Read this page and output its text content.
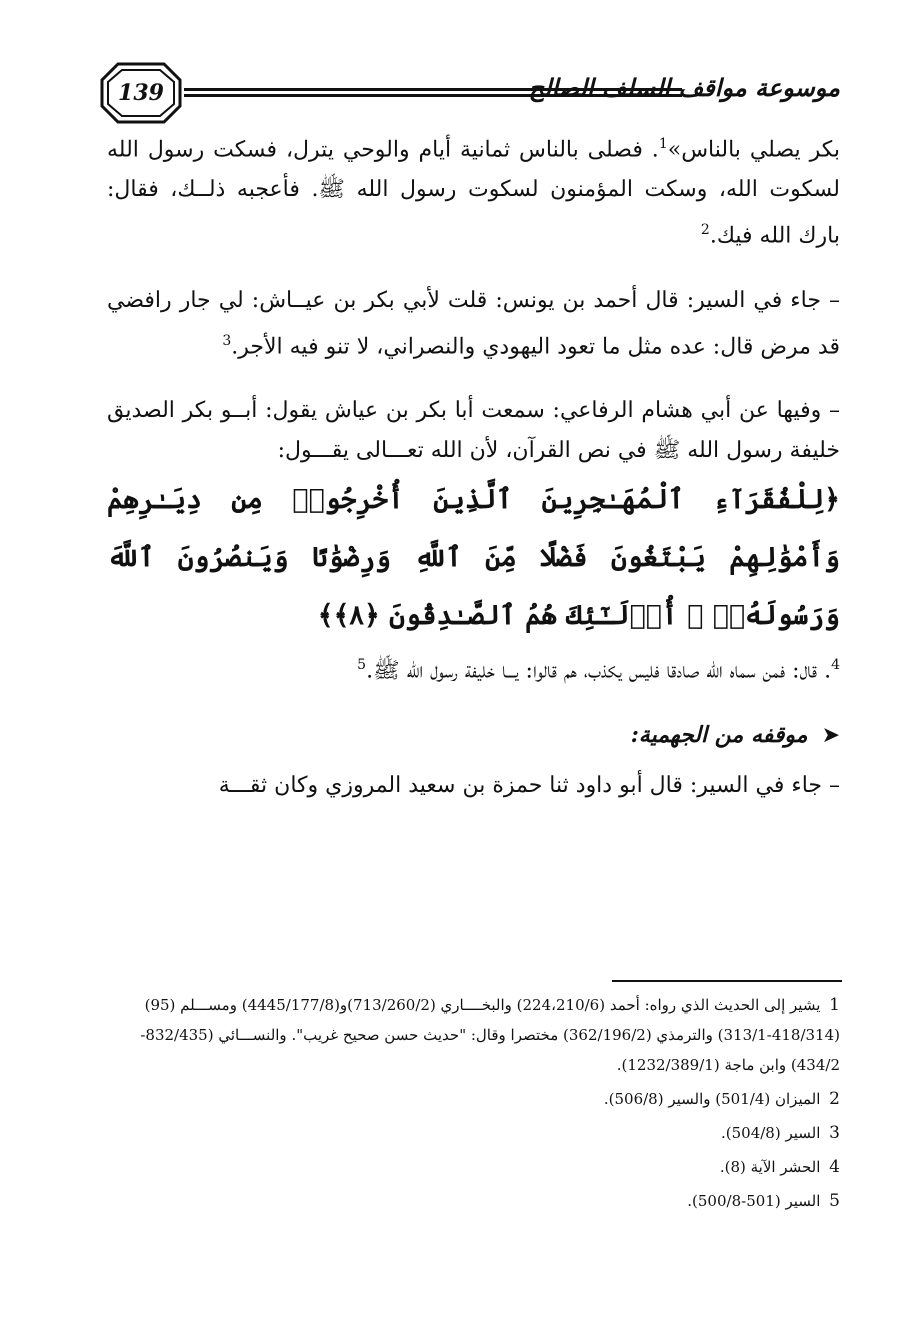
139	موسوعة مواقف السلف الصالح

بكر يصلي بالناس»$^1$. فصلى بالناس ثمانية أيام والوحي يترل، فسكت رسول الله لسكوت الله، وسكت المؤمنون لسكوت رسول الله ﷺ. فأعجبه ذلــك، فقال: بارك الله فيك.$^2$

– جاء في السير: قال أحمد بن يونس: قلت لأبي بكر بن عيــاش: لي جار رافضي قد مرض قال: عده مثل ما تعود اليهودي والنصراني، لا تنو فيه الأجر.$^3$

– وفيها عن أبي هشام الرفاعي: سمعت أبا بكر بن عياش يقول: أبــو بكر الصديق خليفة رسول الله ﷺ في نص القرآن، لأن الله تعـــالى يقـــول:

﴿لِلْفُقَرَآءِ ٱلْمُهَـٰجِرِينَ ٱلَّذِينَ أُخْرِجُوا۟ مِن دِيَـٰرِهِمْ وَأَمْوَٰلِهِمْ يَبْتَغُونَ فَضْلًا مِّنَ ٱللَّهِ وَرِضْوَٰنًا وَيَنصُرُونَ ٱللَّهَ وَرَسُولَهُۥٓ ۚ أُو۟لَـٰٓئِكَ هُمُ ٱلصَّـٰدِقُونَ ﴿٨﴾﴾

$^4$. قال: فمن سماه الله صادقا فليس يكذب، هم قالوا: يـــا خليفة رسول الله ﷺ.$^5$

➤موقفه من الجهمية:

– جاء في السير: قال أبو داود ثنا حمزة بن سعيد المروزي وكان ثقـــة

1 يشير إلى الحديث الذي رواه: أحمد (224،210/6) والبخــــاري (713/260/2)و(4445/177/8) ومســـلم (95)(418/314-313/1) والترمذي (362/196/2) مختصرا وقال: "حديث حسن صحيح غريب". والنســـائي (832/435-434/2) وابن ماجة (1232/389/1).

2 الميزان (501/4) والسير (506/8).

3 السير (504/8).

4 الحشر الآية (8).

5 السير (501-500/8).
